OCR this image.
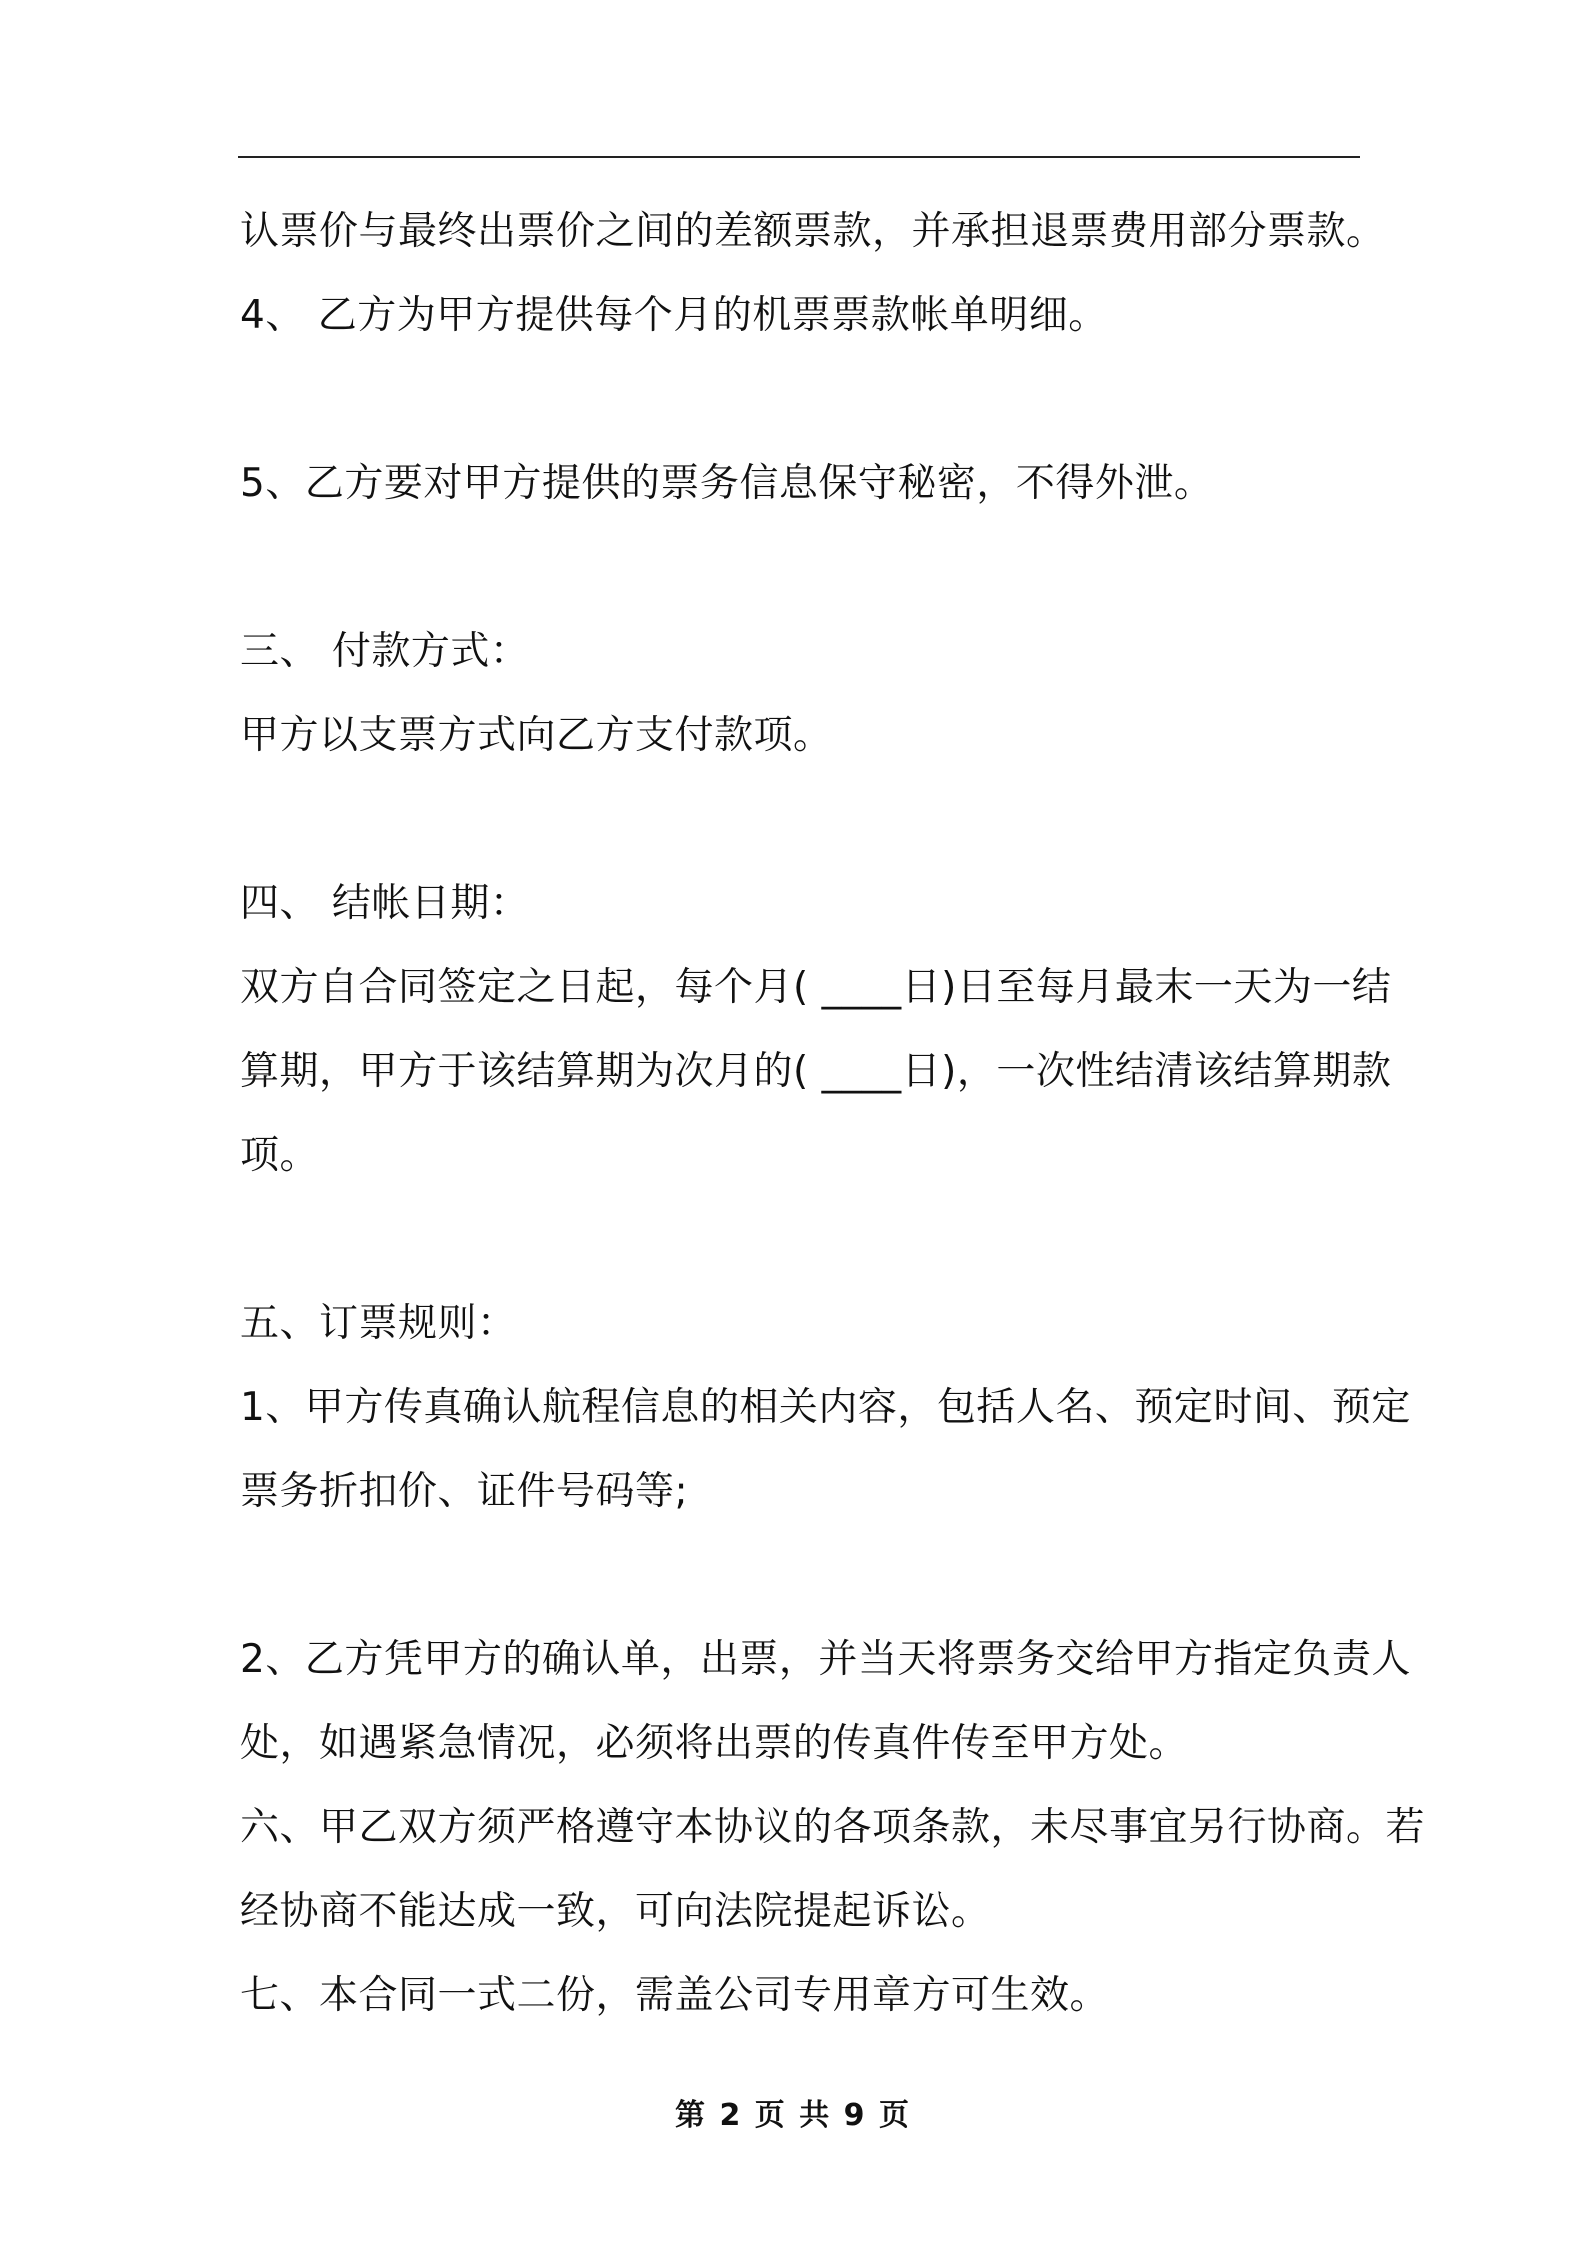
认票价与最终出票价之间的差额票款，并承担退票费用部分票款。
4、 乙方为甲方提供每个月的机票票款帐单明细。
5、乙方要对甲方提供的票务信息保守秘密，不得外泄。
三、 付款方式：
甲方以支票方式向乙方支付款项。
四、 结帐日期：
双方自合同签定之日起，每个月( ____日)日至每月最末一天为一结
算期，甲方于该结算期为次月的( ____日)，一次性结清该结算期款
项。
五、订票规则：
1、甲方传真确认航程信息的相关内容，包括人名、预定时间、预定
票务折扣价、证件号码等;
2、乙方凭甲方的确认单，出票，并当天将票务交给甲方指定负责人
处，如遇紧急情况，必须将出票的传真件传至甲方处。
六、甲乙双方须严格遵守本协议的各项条款，未尽事宜另行协商。若
经协商不能达成一致，可向法院提起诉讼。
七、本合同一式二份，需盖公司专用章方可生效。
第 2 页 共 9 页
